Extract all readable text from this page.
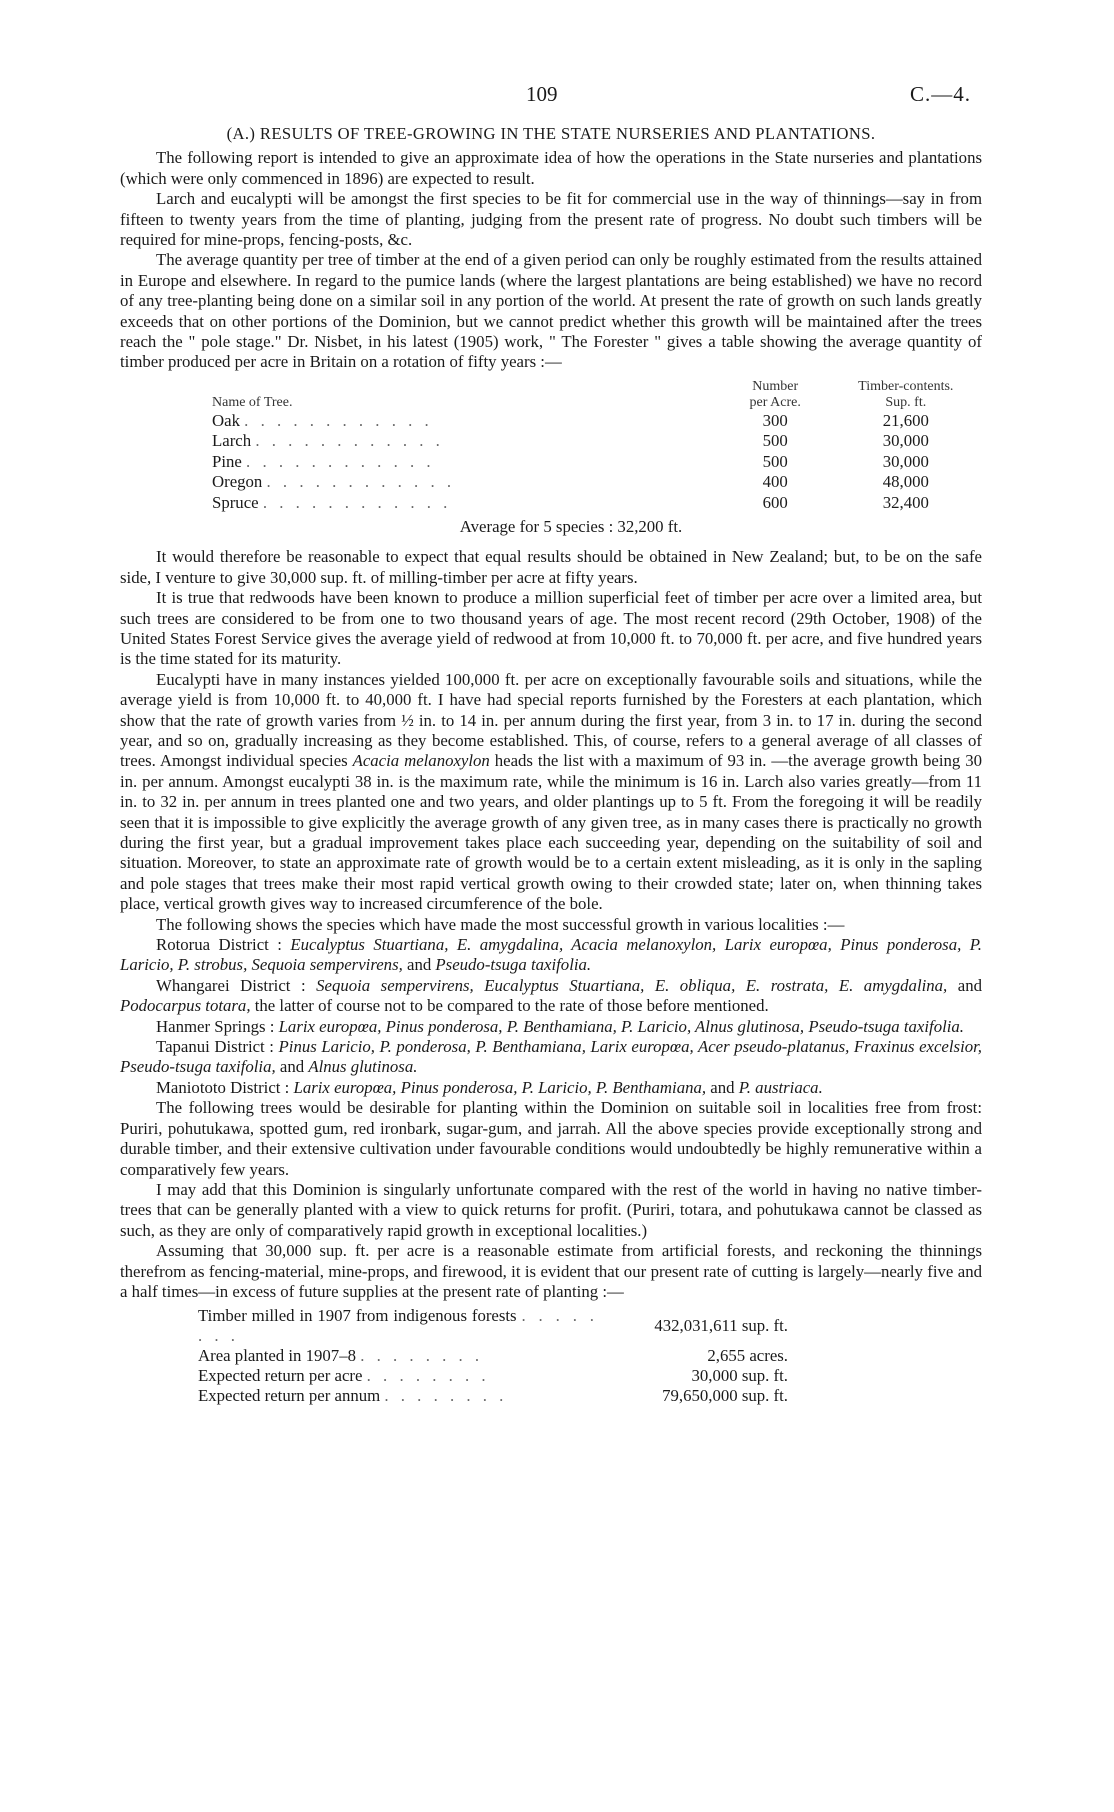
109	C.—4.
(A.) RESULTS OF TREE-GROWING IN THE STATE NURSERIES AND PLANTATIONS.

The following report is intended to give an approximate idea of how the operations in the State nurseries and plantations (which were only commenced in 1896) are expected to result.

Larch and eucalypti will be amongst the first species to be fit for commercial use in the way of thinnings—say in from fifteen to twenty years from the time of planting, judging from the present rate of progress. No doubt such timbers will be required for mine-props, fencing-posts, &c.

The average quantity per tree of timber at the end of a given period can only be roughly estimated from the results attained in Europe and elsewhere. In regard to the pumice lands (where the largest plantations are being established) we have no record of any tree-planting being done on a similar soil in any portion of the world. At present the rate of growth on such lands greatly exceeds that on other portions of the Dominion, but we cannot predict whether this growth will be maintained after the trees reach the " pole stage." Dr. Nisbet, in his latest (1905) work, " The Forester " gives a table showing the average quantity of timber produced per acre in Britain on a rotation of fifty years :—

Name of Tree.	Number	Timber-contents.
	per Acre.	Sup. ft.
Oak . . . . . . . . . . . .	300	21,600
Larch . . . . . . . . . . . .	500	30,000
Pine . . . . . . . . . . . .	500	30,000
Oregon . . . . . . . . . . . .	400	48,000
Spruce . . . . . . . . . . . .	600	32,400
Average for 5 species : 32,200 ft.

It would therefore be reasonable to expect that equal results should be obtained in New Zealand; but, to be on the safe side, I venture to give 30,000 sup. ft. of milling-timber per acre at fifty years.

It is true that redwoods have been known to produce a million superficial feet of timber per acre over a limited area, but such trees are considered to be from one to two thousand years of age. The most recent record (29th October, 1908) of the United States Forest Service gives the average yield of redwood at from 10,000 ft. to 70,000 ft. per acre, and five hundred years is the time stated for its maturity.

Eucalypti have in many instances yielded 100,000 ft. per acre on exceptionally favourable soils and situations, while the average yield is from 10,000 ft. to 40,000 ft. I have had special reports furnished by the Foresters at each plantation, which show that the rate of growth varies from ½ in. to 14 in. per annum during the first year, from 3 in. to 17 in. during the second year, and so on, gradually increasing as they become established. This, of course, refers to a general average of all classes of trees. Amongst individual species Acacia melanoxylon heads the list with a maximum of 93 in. —the average growth being 30 in. per annum. Amongst eucalypti 38 in. is the maximum rate, while the minimum is 16 in. Larch also varies greatly—from 11 in. to 32 in. per annum in trees planted one and two years, and older plantings up to 5 ft. From the foregoing it will be readily seen that it is impossible to give explicitly the average growth of any given tree, as in many cases there is practically no growth during the first year, but a gradual improvement takes place each succeeding year, depending on the suitability of soil and situation. Moreover, to state an approximate rate of growth would be to a certain extent misleading, as it is only in the sapling and pole stages that trees make their most rapid vertical growth owing to their crowded state; later on, when thinning takes place, vertical growth gives way to increased circumference of the bole.

The following shows the species which have made the most successful growth in various localities :—

Rotorua District : Eucalyptus Stuartiana, E. amygdalina, Acacia melanoxylon, Larix europœa, Pinus ponderosa, P. Laricio, P. strobus, Sequoia sempervirens, and Pseudo-tsuga taxifolia.

Whangarei District : Sequoia sempervirens, Eucalyptus Stuartiana, E. obliqua, E. rostrata, E. amygdalina, and Podocarpus totara, the latter of course not to be compared to the rate of those before mentioned.

Hanmer Springs : Larix europœa, Pinus ponderosa, P. Benthamiana, P. Laricio, Alnus glutinosa, Pseudo-tsuga taxifolia.

Tapanui District : Pinus Laricio, P. ponderosa, P. Benthamiana, Larix europœa, Acer pseudo-platanus, Fraxinus excelsior, Pseudo-tsuga taxifolia, and Alnus glutinosa.

Maniototo District : Larix europœa, Pinus ponderosa, P. Laricio, P. Benthamiana, and P. austriaca.

The following trees would be desirable for planting within the Dominion on suitable soil in localities free from frost: Puriri, pohutukawa, spotted gum, red ironbark, sugar-gum, and jarrah. All the above species provide exceptionally strong and durable timber, and their extensive cultivation under favourable conditions would undoubtedly be highly remunerative within a comparatively few years.

I may add that this Dominion is singularly unfortunate compared with the rest of the world in having no native timber-trees that can be generally planted with a view to quick returns for profit. (Puriri, totara, and pohutukawa cannot be classed as such, as they are only of comparatively rapid growth in exceptional localities.)

Assuming that 30,000 sup. ft. per acre is a reasonable estimate from artificial forests, and reckoning the thinnings therefrom as fencing-material, mine-props, and firewood, it is evident that our present rate of cutting is largely—nearly five and a half times—in excess of future supplies at the present rate of planting :—

Timber milled in 1907 from indigenous forests . . . . . . . .	432,031,611 sup. ft.
Area planted in 1907–8 . . . . . . . .	2,655 acres.
Expected return per acre . . . . . . . .	30,000 sup. ft.
Expected return per annum . . . . . . . .	79,650,000 sup. ft.
